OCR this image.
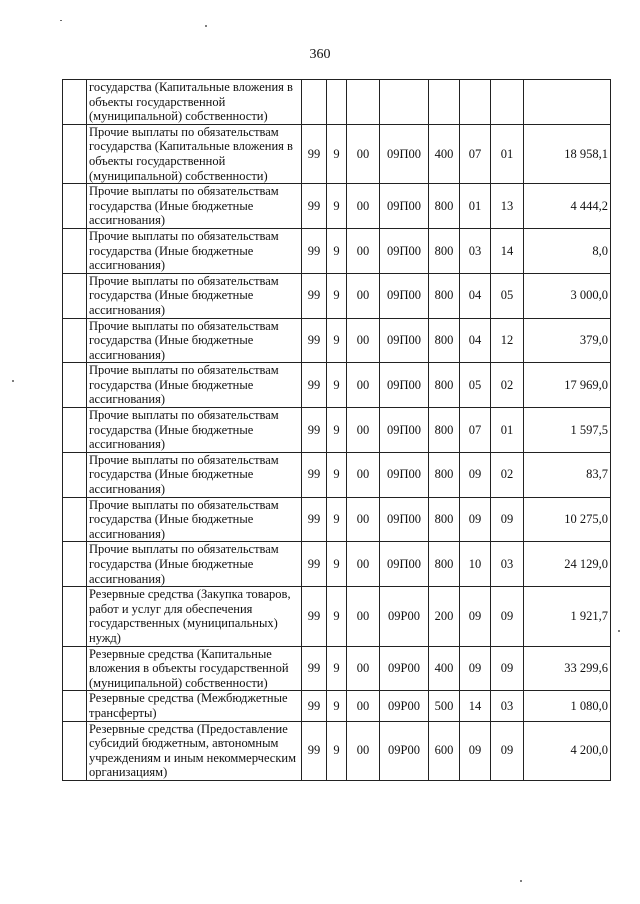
360
	государства (Капитальные вложения в объекты государственной (муниципальной) собственности)								
	Прочие выплаты по обязательствам государства (Капитальные вложения в объекты государственной (муниципальной) собственности)	99	9	00	09П00	400	07	01	18 958,1
	Прочие выплаты по обязательствам государства (Иные бюджетные ассигнования)	99	9	00	09П00	800	01	13	4 444,2
	Прочие выплаты по обязательствам государства (Иные бюджетные ассигнования)	99	9	00	09П00	800	03	14	8,0
	Прочие выплаты по обязательствам государства (Иные бюджетные ассигнования)	99	9	00	09П00	800	04	05	3 000,0
	Прочие выплаты по обязательствам государства (Иные бюджетные ассигнования)	99	9	00	09П00	800	04	12	379,0
	Прочие выплаты по обязательствам государства (Иные бюджетные ассигнования)	99	9	00	09П00	800	05	02	17 969,0
	Прочие выплаты по обязательствам государства (Иные бюджетные ассигнования)	99	9	00	09П00	800	07	01	1 597,5
	Прочие выплаты по обязательствам государства (Иные бюджетные ассигнования)	99	9	00	09П00	800	09	02	83,7
	Прочие выплаты по обязательствам государства (Иные бюджетные ассигнования)	99	9	00	09П00	800	09	09	10 275,0
	Прочие выплаты по обязательствам государства (Иные бюджетные ассигнования)	99	9	00	09П00	800	10	03	24 129,0
	Резервные средства (Закупка товаров, работ и услуг для обеспечения государственных (муниципальных) нужд)	99	9	00	09Р00	200	09	09	1 921,7
	Резервные средства (Капитальные вложения в объекты государственной (муниципальной) собственности)	99	9	00	09Р00	400	09	09	33 299,6
	Резервные средства (Межбюджетные трансферты)	99	9	00	09Р00	500	14	03	1 080,0
	Резервные средства (Предоставление субсидий бюджетным, автономным учреждениям и иным некоммерческим организациям)	99	9	00	09Р00	600	09	09	4 200,0
